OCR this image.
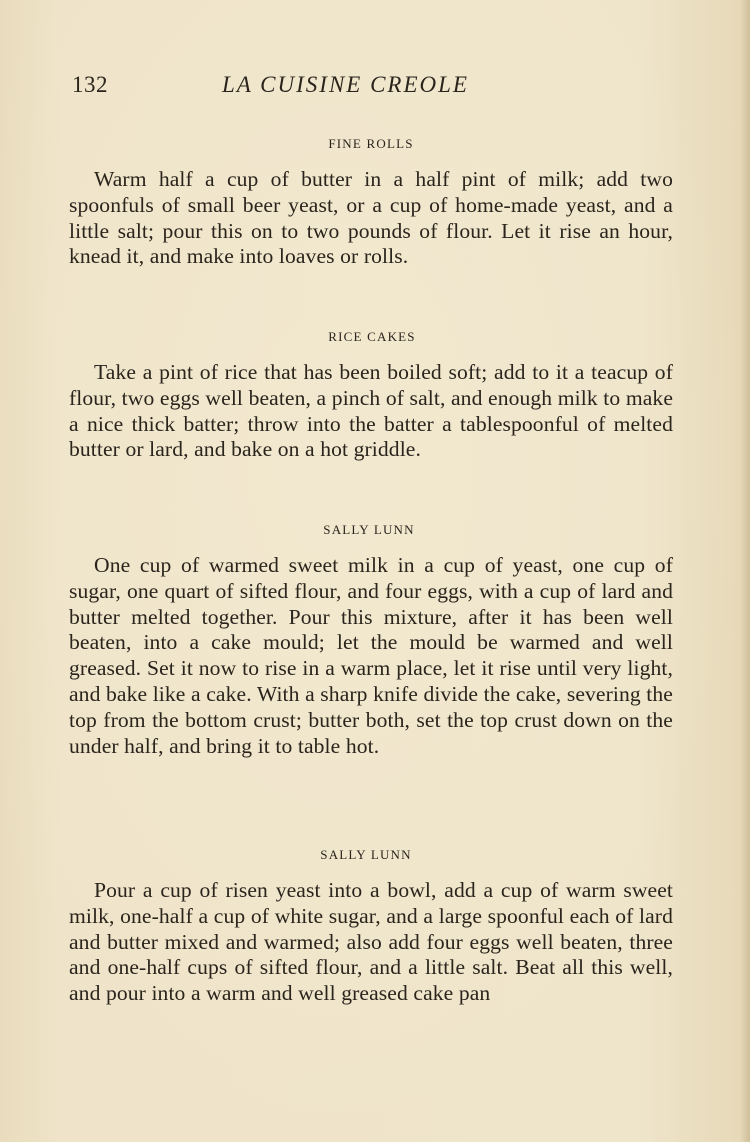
132	LA CUISINE CREOLE
FINE ROLLS
Warm half a cup of butter in a half pint of milk; add two spoonfuls of small beer yeast, or a cup of home-made yeast, and a little salt; pour this on to two pounds of flour. Let it rise an hour, knead it, and make into loaves or rolls.
RICE CAKES
Take a pint of rice that has been boiled soft; add to it a teacup of flour, two eggs well beaten, a pinch of salt, and enough milk to make a nice thick batter; throw into the batter a tablespoonful of melted butter or lard, and bake on a hot griddle.
SALLY LUNN
One cup of warmed sweet milk in a cup of yeast, one cup of sugar, one quart of sifted flour, and four eggs, with a cup of lard and butter melted together. Pour this mixture, after it has been well beaten, into a cake mould; let the mould be warmed and well greased. Set it now to rise in a warm place, let it rise until very light, and bake like a cake. With a sharp knife divide the cake, severing the top from the bottom crust; butter both, set the top crust down on the under half, and bring it to table hot.
SALLY LUNN
Pour a cup of risen yeast into a bowl, add a cup of warm sweet milk, one-half a cup of white sugar, and a large spoonful each of lard and butter mixed and warmed; also add four eggs well beaten, three and one-half cups of sifted flour, and a little salt. Beat all this well, and pour into a warm and well greased cake pan
